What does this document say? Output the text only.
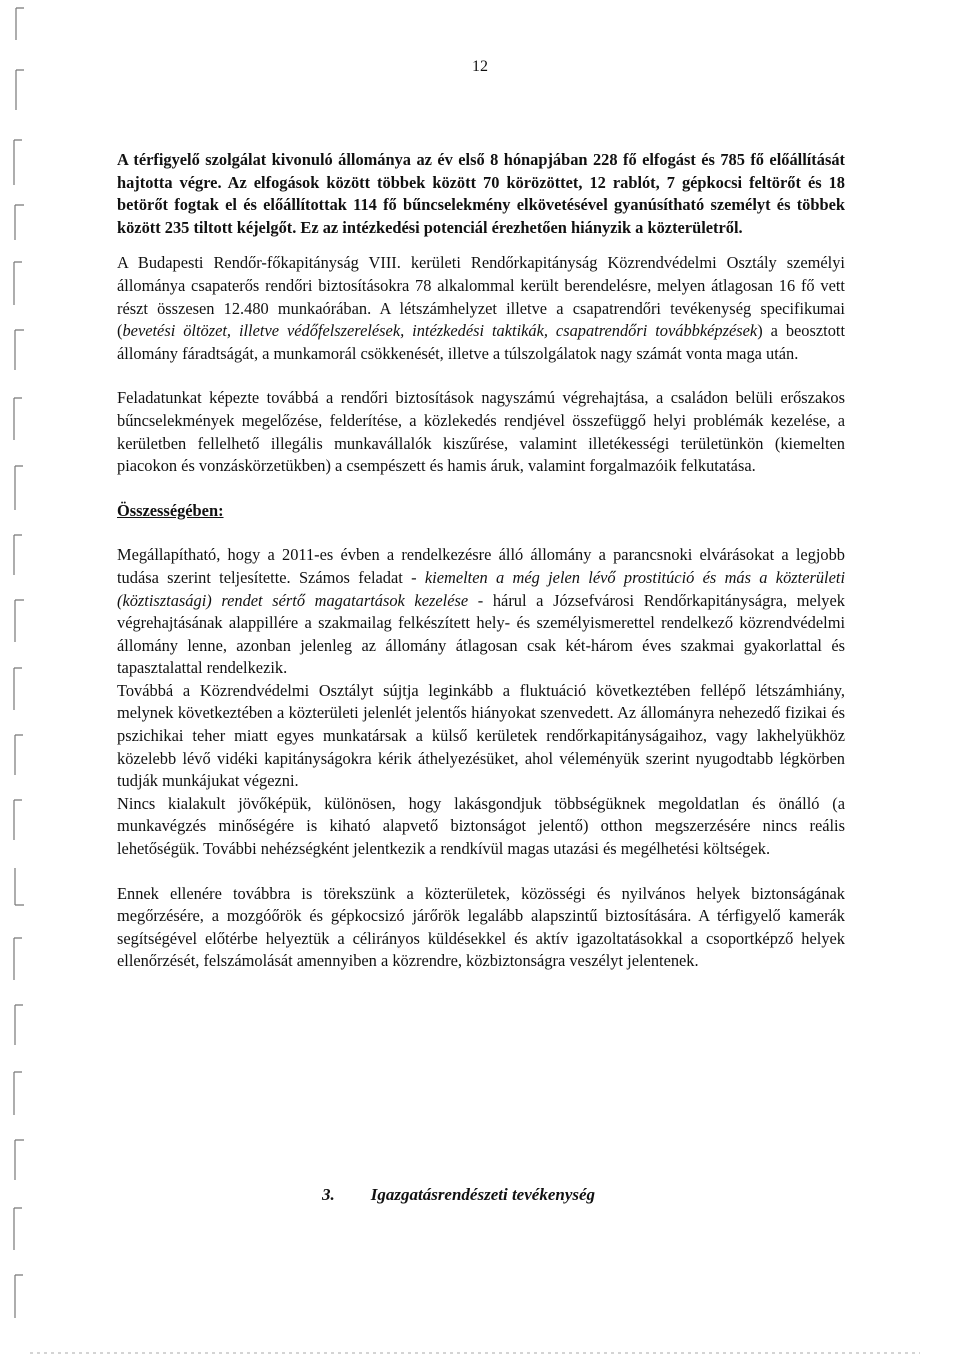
12

A térfigyelő szolgálat kivonuló állománya az év első 8 hónapjában 228 fő elfogást és 785 fő előállítását hajtotta végre. Az elfogások között többek között 70 körözöttet, 12 rablót, 7 gépkocsi feltörőt és 18 betörőt fogtak el és előállítottak 114 fő bűncselekmény elkövetésével gyanúsítható személyt és többek között 235 tiltott kéjelgőt. Ez az intézkedési potenciál érezhetően hiányzik a közterületről.

A Budapesti Rendőr-főkapitányság VIII. kerületi Rendőrkapitányság Közrendvédelmi Osztály személyi állománya csapaterős rendőri biztosításokra 78 alkalommal került berendelésre, melyen átlagosan 16 fő vett részt összesen 12.480 munkaórában. A létszámhelyzet illetve a csapatrendőri tevékenység specifikumai (bevetési öltözet, illetve védőfelszerelések, intézkedési taktikák, csapatrendőri továbbképzések) a beosztott állomány fáradtságát, a munkamorál csökkenését, illetve a túlszolgálatok nagy számát vonta maga után.

Feladatunkat képezte továbbá a rendőri biztosítások nagyszámú végrehajtása, a családon belüli erőszakos bűncselekmények megelőzése, felderítése, a közlekedés rendjével összefüggő helyi problémák kezelése, a kerületben fellelhető illegális munkavállalók kiszűrése, valamint illetékességi területünkön (kiemelten piacokon és vonzáskörzetükben) a csempészett és hamis áruk, valamint forgalmazóik felkutatása.

Összességében:

Megállapítható, hogy a 2011-es évben a rendelkezésre álló állomány a parancsnoki elvárásokat a legjobb tudása szerint teljesítette. Számos feladat - kiemelten a még jelen lévő prostitúció és más a közterületi (köztisztasági) rendet sértő magatartások kezelése - hárul a Józsefvárosi Rendőrkapitányságra, melyek végrehajtásának alappillére a szakmailag felkészített hely- és személyismerettel rendelkező közrendvédelmi állomány lenne, azonban jelenleg az állomány átlagosan csak két-három éves szakmai gyakorlattal és tapasztalattal rendelkezik.

Továbbá a Közrendvédelmi Osztályt sújtja leginkább a fluktuáció következtében fellépő létszámhiány, melynek következtében a közterületi jelenlét jelentős hiányokat szenvedett. Az állományra nehezedő fizikai és pszichikai teher miatt egyes munkatársak a külső kerületek rendőrkapitányságaihoz, vagy lakhelyükhöz közelebb lévő vidéki kapitányságokra kérik áthelyezésüket, ahol véleményük szerint nyugodtabb légkörben tudják munkájukat végezni.

Nincs kialakult jövőképük, különösen, hogy lakásgondjuk többségüknek megoldatlan és önálló (a munkavégzés minőségére is kiható alapvető biztonságot jelentő) otthon megszerzésére nincs reális lehetőségük. További nehézségként jelentkezik a rendkívül magas utazási és megélhetési költségek.

Ennek ellenére továbbra is törekszünk a közterületek, közösségi és nyilvános helyek biztonságának megőrzésére, a mozgóőrök és gépkocsizó járőrök legalább alapszintű biztosítására. A térfigyelő kamerák segítségével előtérbe helyeztük a célirányos küldésekkel és aktív igazoltatásokkal a csoportképző helyek ellenőrzését, felszámolását amennyiben a közrendre, közbiztonságra veszélyt jelentenek.

3. Igazgatásrendészeti tevékenység
